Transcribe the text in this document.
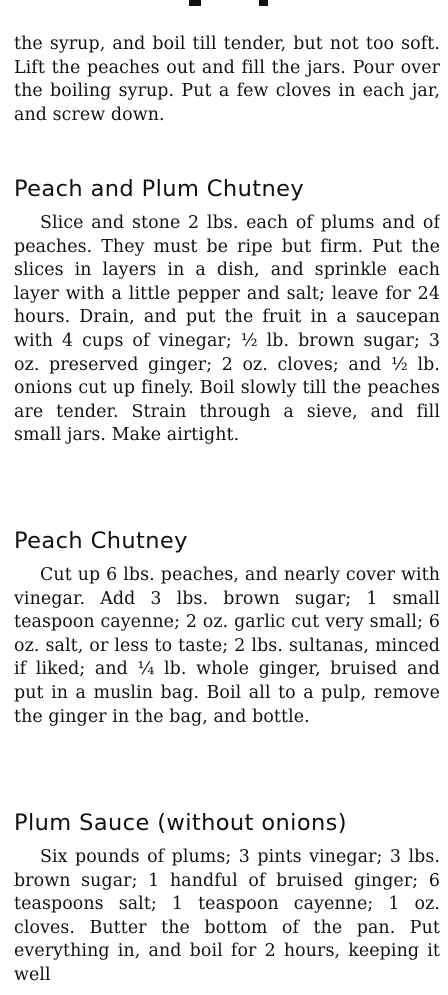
the syrup, and boil till tender, but not too soft. Lift the peaches out and fill the jars. Pour over the boiling syrup. Put a few cloves in each jar, and screw down.

Peach and Plum Chutney

Slice and stone 2 lbs. each of plums and of peaches. They must be ripe but firm. Put the slices in layers in a dish, and sprinkle each layer with a little pepper and salt; leave for 24 hours. Drain, and put the fruit in a saucepan with 4 cups of vinegar; ½ lb. brown sugar; 3 oz. preserved ginger; 2 oz. cloves; and ½ lb. onions cut up finely. Boil slowly till the peaches are tender. Strain through a sieve, and fill small jars. Make airtight.

Peach Chutney

Cut up 6 lbs. peaches, and nearly cover with vinegar. Add 3 lbs. brown sugar; 1 small teaspoon cayenne; 2 oz. garlic cut very small; 6 oz. salt, or less to taste; 2 lbs. sultanas, minced if liked; and ¼ lb. whole ginger, bruised and put in a muslin bag. Boil all to a pulp, remove the ginger in the bag, and bottle.

Plum Sauce (without onions)

Six pounds of plums; 3 pints vinegar; 3 lbs. brown sugar; 1 handful of bruised ginger; 6 teaspoons salt; 1 teaspoon cayenne; 1 oz. cloves. Butter the bottom of the pan. Put everything in, and boil for 2 hours, keeping it well
